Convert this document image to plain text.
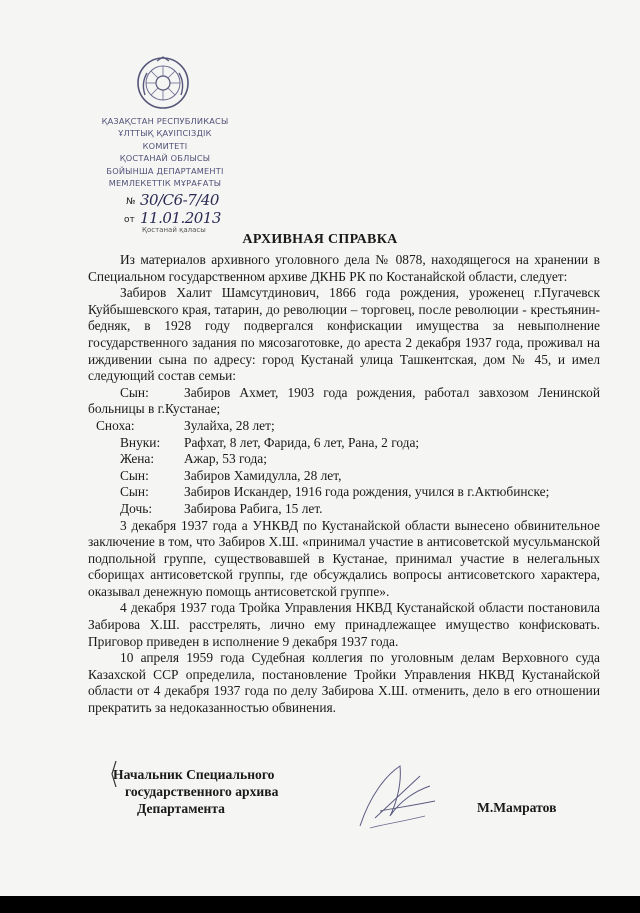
ҚАЗАҚСТАН РЕСПУБЛИКАСЫ
ҰЛТТЫҚ ҚАУІПСІЗДІК
КОМИТЕТІ
ҚОСТАНАЙ ОБЛЫСЫ
БОЙЫНША ДЕПАРТАМЕНТІ
МЕМЛЕКЕТТІК МҰРАҒАТЫ
№ 30/С6-7/40
от 11.01.2013
Қостанай қаласы
АРХИВНАЯ СПРАВКА

Из материалов архивного уголовного дела № 0878, находящегося на хранении в Специальном государственном архиве ДКНБ РК по Костанайской области, следует:

Забиров Халит Шамсутдинович, 1866 года рождения, уроженец г.Пугачевск Куйбышевского края, татарин, до революции – торговец, после революции - крестьянин-бедняк, в 1928 году подвергался конфискации имущества за невыполнение государственного задания по мясозаготовке, до ареста 2 декабря 1937 года, проживал на иждивении сына по адресу: город Кустанай улица Ташкентская, дом № 45, и имел следующий состав семьи:

Сын:	Забиров Ахмет, 1903 года рождения, работал завхозом Ленинской
больницы в г.Кустанае;
Сноха:	Зулайха, 28 лет;
Внуки:	Рафхат, 8 лет, Фарида, 6 лет, Рана, 2 года;
Жена:	Ажар, 53 года;
Сын:	Забиров Хамидулла, 28 лет,
Сын:	Забиров Искандер, 1916 года рождения, учился в г.Актюбинске;
Дочь:	Забирова Рабига, 15 лет.

3 декабря 1937 года а УНКВД по Кустанайской области вынесено обвинительное заключение в том, что Забиров Х.Ш. «принимал участие в антисоветской мусульманской подпольной группе, существовавшей в Кустанае, принимал участие в нелегальных сборищах антисоветской группы, где обсуждались вопросы антисоветского характера, оказывал денежную помощь антисоветской группе».

4 декабря 1937 года Тройка Управления НКВД Кустанайской области постановила Забирова Х.Ш. расстрелять, лично ему принадлежащее имущество конфисковать. Приговор приведен в исполнение 9 декабря 1937 года.

10 апреля 1959 года Судебная коллегия по уголовным делам Верховного суда Казахской ССР определила, постановление Тройки Управления НКВД Кустанайской области от 4 декабря 1937 года по делу Забирова Х.Ш. отменить, дело в его отношении прекратить за недоказанностью обвинения.

Начальник Специального
государственного архива
Департамента	М.Мамратов
